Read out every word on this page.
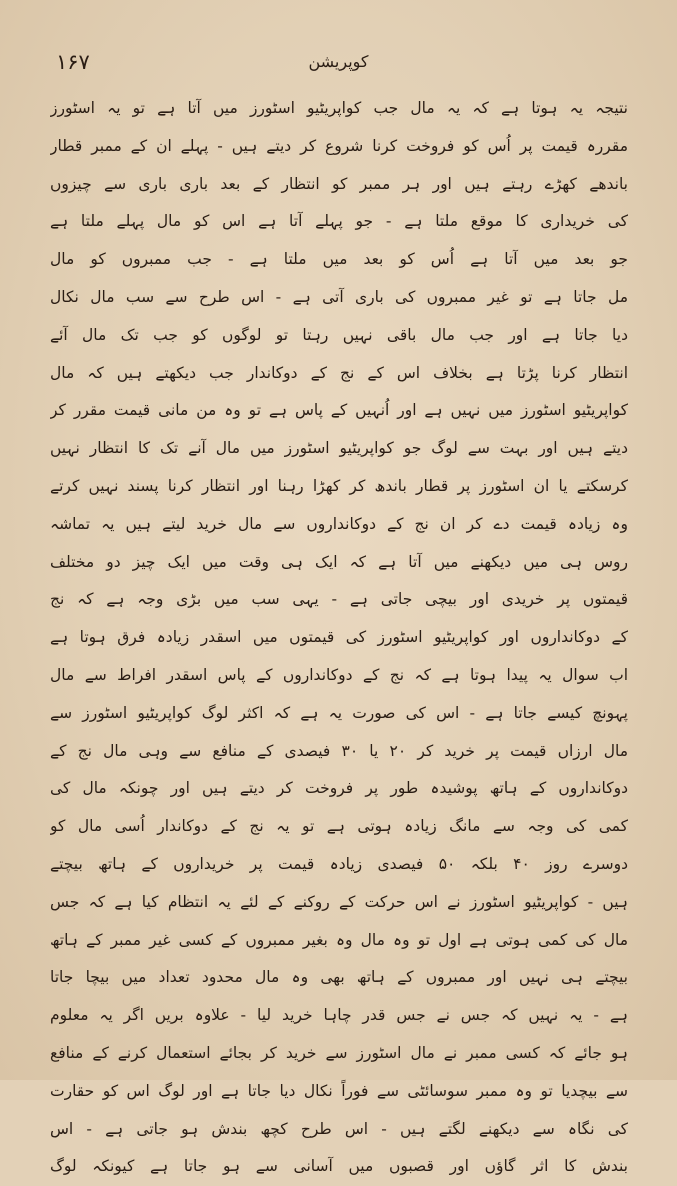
۱۶۷	کوپریشن
نتیجہ یہ ہوتا ہے کہ یہ مال جب کواپریٹیو اسٹورز میں آتا ہے تو یہ اسٹورز
مقررہ قیمت پر اُس کو فروخت کرنا شروع کر دیتے ہیں - پہلے ان کے ممبر قطار
باندھے کھڑے رہتے ہیں اور ہر ممبر کو انتظار کے بعد باری باری سے چیزوں
کی خریداری کا موقع ملتا ہے - جو پہلے آتا ہے اس کو مال پہلے ملتا ہے
جو بعد میں آتا ہے اُس کو بعد میں ملتا ہے - جب ممبروں کو مال
مل جاتا ہے تو غیر ممبروں کی باری آتی ہے - اس طرح سے سب مال نکال
دیا جاتا ہے اور جب مال باقی نہیں رہتا تو لوگوں کو جب تک مال آئے
انتظار کرنا پڑتا ہے بخلاف اس کے نج کے دوکاندار جب دیکھتے ہیں کہ مال
کواپریٹیو اسٹورز میں نہیں ہے اور اُنہیں کے پاس ہے تو وہ من مانی قیمت مقرر کر
دیتے ہیں اور بہت سے لوگ جو کواپریٹیو اسٹورز میں مال آنے تک کا انتظار نہیں
کرسکتے یا ان اسٹورز پر قطار باندھ کر کھڑا رہنا اور انتظار کرنا پسند نہیں کرتے
وہ زیادہ قیمت دے کر ان نج کے دوکانداروں سے مال خرید لیتے ہیں یہ تماشہ
روس ہی میں دیکھنے میں آتا ہے کہ ایک ہی وقت میں ایک چیز دو مختلف
قیمتوں پر خریدی اور بیچی جاتی ہے - یہی سب میں بڑی وجہ ہے کہ نج
کے دوکانداروں اور کواپریٹیو اسٹورز کی قیمتوں میں اسقدر زیادہ فرق ہوتا ہے
اب سوال یہ پیدا ہوتا ہے کہ نج کے دوکانداروں کے پاس اسقدر افراط سے مال
پہونچ کیسے جاتا ہے - اس کی صورت یہ ہے کہ اکثر لوگ کواپریٹیو اسٹورز سے
مال ارزاں قیمت پر خرید کر ۲۰ یا ۳۰ فیصدی کے منافع سے وہی مال نج کے
دوکانداروں کے ہاتھ پوشیدہ طور پر فروخت کر دیتے ہیں اور چونکہ مال کی
کمی کی وجہ سے مانگ زیادہ ہوتی ہے تو یہ نج کے دوکاندار اُسی مال کو
دوسرے روز ۴۰ بلکہ ۵۰ فیصدی زیادہ قیمت پر خریداروں کے ہاتھ بیچتے
ہیں - کواپریٹیو اسٹورز نے اس حرکت کے روکنے کے لئے یہ انتظام کیا ہے کہ جس
مال کی کمی ہوتی ہے اول تو وہ مال وہ بغیر ممبروں کے کسی غیر ممبر کے ہاتھ
بیچتے ہی نہیں اور ممبروں کے ہاتھ بھی وہ مال محدود تعداد میں بیچا جاتا
ہے - یہ نہیں کہ جس نے جس قدر چاہا خرید لیا - علاوہ بریں اگر یہ معلوم
ہو جائے کہ کسی ممبر نے مال اسٹورز سے خرید کر بجائے استعمال کرنے کے منافع
سے بیچدیا تو وہ ممبر سوسائٹی سے فوراً نکال دیا جاتا ہے اور لوگ اس کو حقارت
کی نگاہ سے دیکھنے لگتے ہیں - اس طرح کچھ بندش ہو جاتی ہے - اس
بندش کا اثر گاؤں اور قصبوں میں آسانی سے ہو جاتا ہے کیونکہ لوگ
